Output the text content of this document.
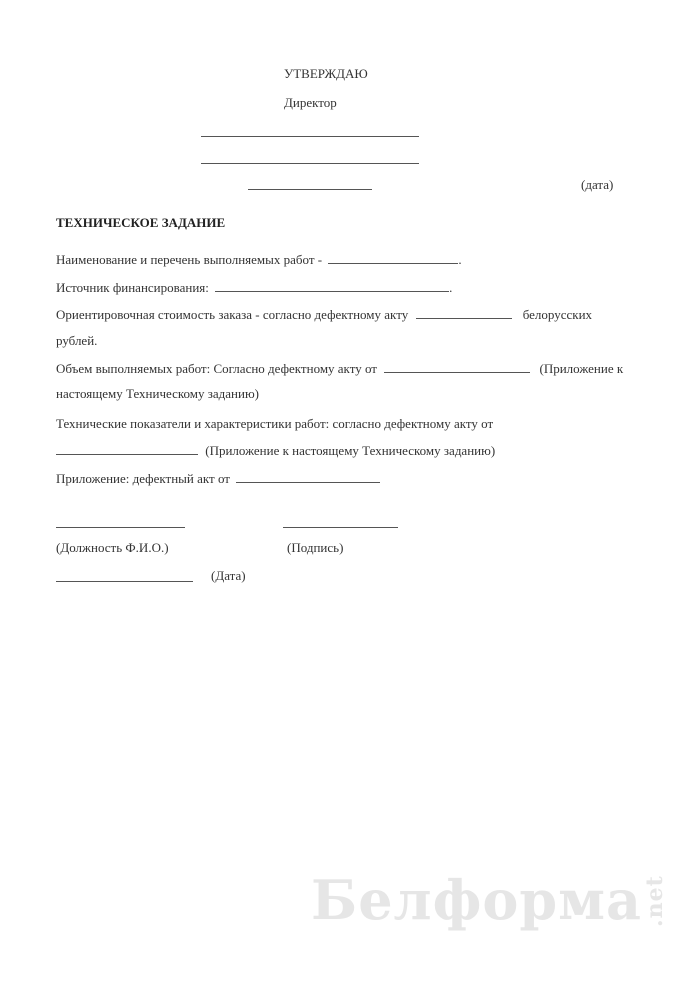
УТВЕРЖДАЮ
Директор
(дата)
ТЕХНИЧЕСКОЕ ЗАДАНИЕ
Наименование и перечень выполняемых работ -	.
Источник финансирования:	.
Ориентировочная стоимость заказа - согласно дефектному акту	белорусских
рублей.
Объем выполняемых работ: Согласно дефектному акту от	(Приложение к
настоящему Техническому заданию)
Технические показатели и характеристики работ: согласно дефектному акту от
(Приложение к настоящему Техническому заданию)
Приложение: дефектный акт от
(Должность Ф.И.О.)	(Подпись)
(Дата)
Белформа.net
